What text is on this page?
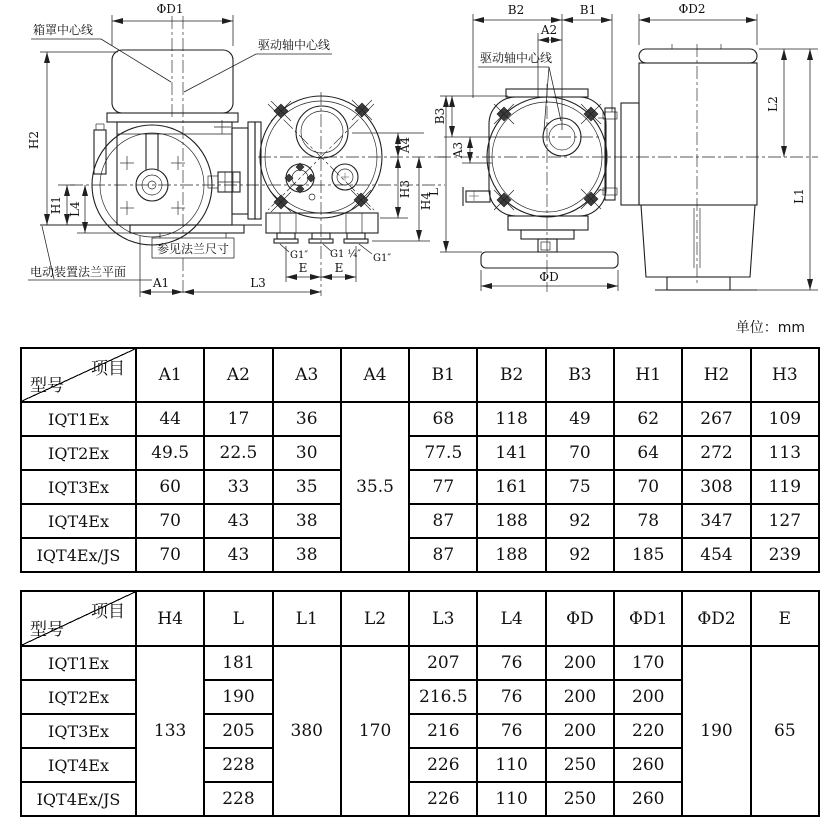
ΦD1
H2
H1 L4
箱罩中心线
驱动轴中心线
参见法兰尺寸
电动装置法兰平面
A4
H3
H4
G1″ G1 ¼″ G1″
E E
A1	L3
驱动轴中心线
B2	B1
A2
B3
A3
L
ΦD
ΦD2
L2
L1
单位：mm
项目
型号	A1	A2	A3	A4	B1	B2	B3	H1	H2	H3
IQT1Ex	44	17	36	35.5	68	118	49	62	267	109
IQT2Ex	49.5	22.5	30		77.5	141	70	64	272	113
IQT3Ex	60	33	35		77	161	75	70	308	119
IQT4Ex	70	43	38		87	188	92	78	347	127
IQT4Ex/JS	70	43	38		87	188	92	185	454	239
项目
型号	H4	L	L1	L2	L3	L4	ΦD	ΦD1	ΦD2	E
IQT1Ex	133	181	380	170	207	76	200	170	190	65
IQT2Ex		190			216.5	76	200	200		
IQT3Ex		205			216	76	200	220		
IQT4Ex		228			226	110	250	260		
IQT4Ex/JS		228			226	110	250	260		
